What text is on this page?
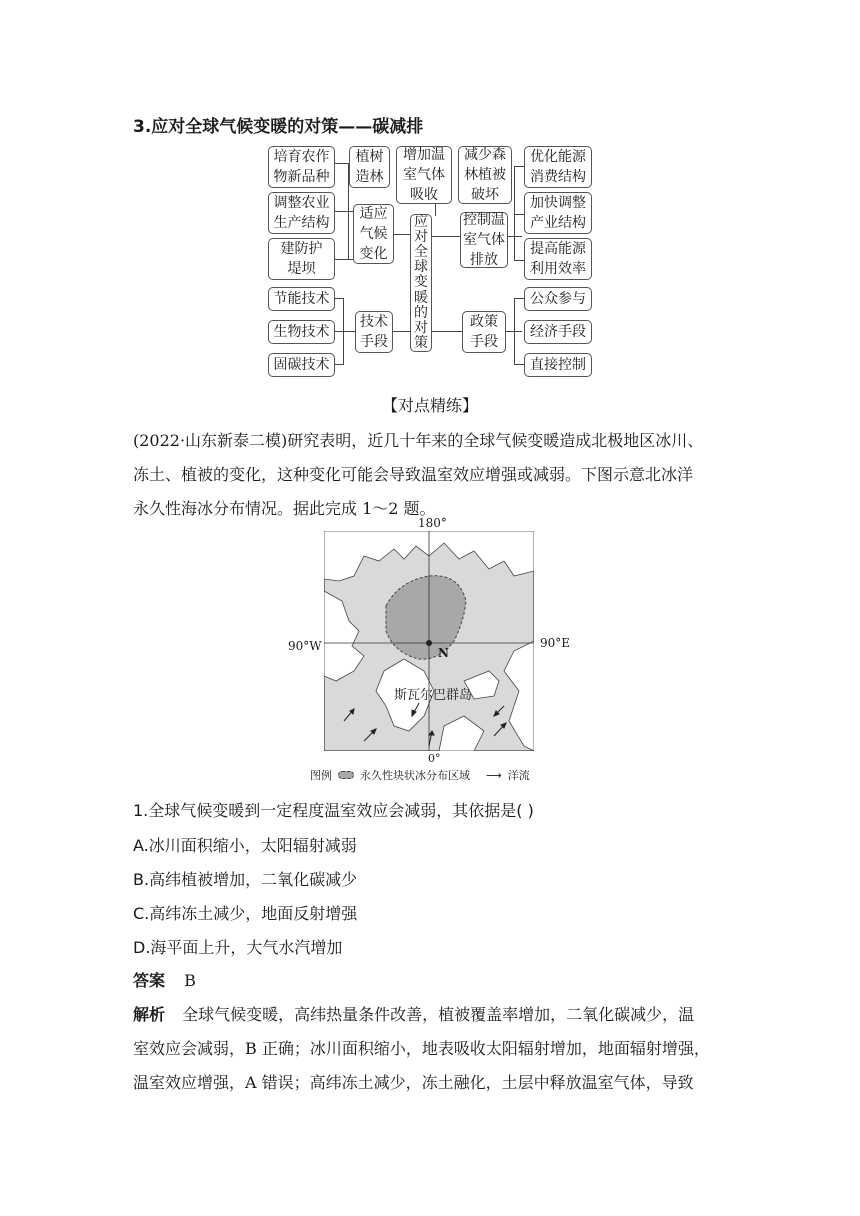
3.应对全球气候变暖的对策——碳减排
培育农作物新品种
调整农业生产结构
建防护堤坝
适应气候变化
植树造林
增加温室气体吸收
减少森林植被破坏
应对全球变暖的对策
控制温室气体排放
优化能源消费结构
加快调整产业结构
提高能源利用效率
节能技术
生物技术
固碳技术
技术手段
政策手段
公众参与
经济手段
直接控制
【对点精练】
(2022·山东新泰二模)研究表明，近几十年来的全球气候变暖造成北极地区冰川、
冻土、植被的变化，这种变化可能会导致温室效应增强或减弱。下图示意北冰洋
永久性海冰分布情况。据此完成 1～2 题。
180°
90°W	90°E
0°
N
斯瓦尔巴群岛
图例	永久性块状冰分布区域 ⟶ 洋流
1.全球气候变暖到一定程度温室效应会减弱，其依据是( )
A.冰川面积缩小，太阳辐射减弱
B.高纬植被增加，二氧化碳减少
C.高纬冻土减少，地面反射增强
D.海平面上升，大气水汽增加
答案 B
解析 全球气候变暖，高纬热量条件改善，植被覆盖率增加，二氧化碳减少，温
室效应会减弱，B 正确；冰川面积缩小，地表吸收太阳辐射增加，地面辐射增强，
温室效应增强，A 错误；高纬冻土减少，冻土融化，土层中释放温室气体，导致
